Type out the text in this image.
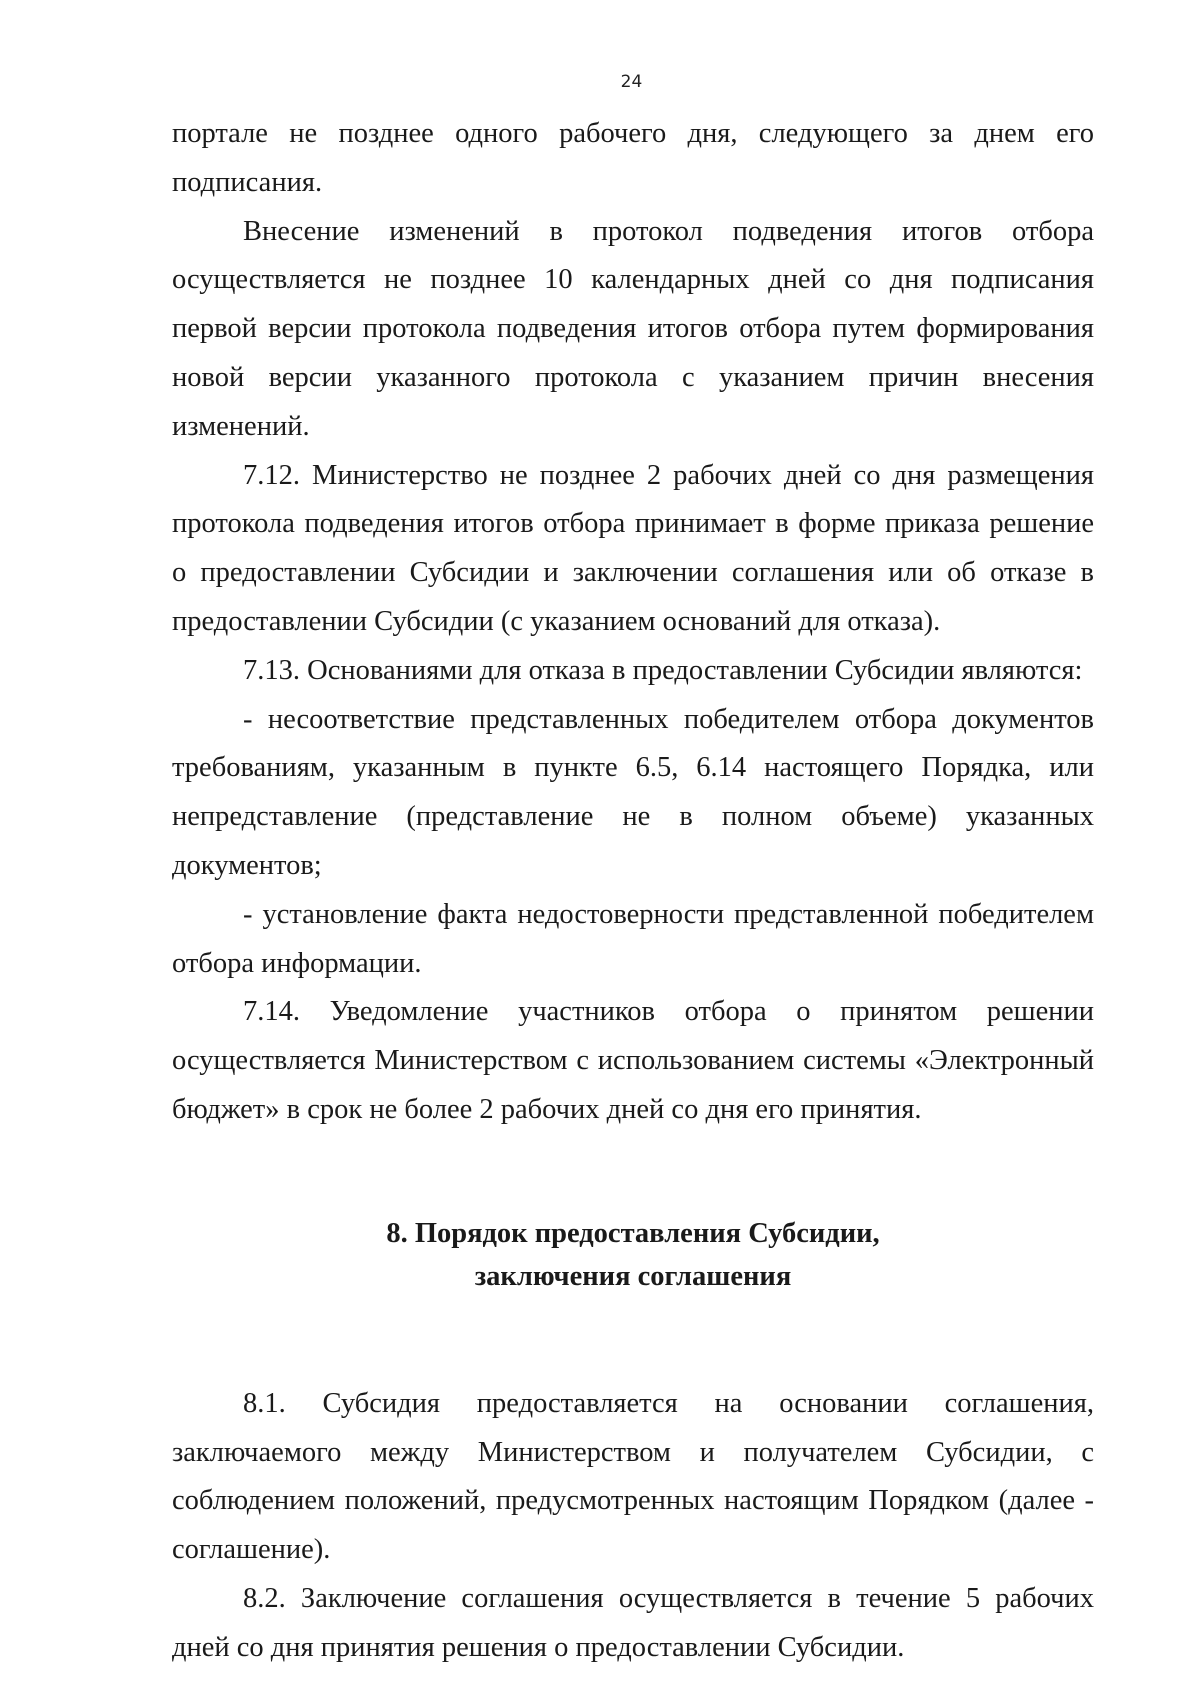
24

порталe не позднее одного рабочего дня, следующего за днем его подписания.

Внесение изменений в протокол подведения итогов отбора осуществляется не позднее 10 календарных дней со дня подписания первой версии протокола подведения итогов отбора путем формирования новой версии указанного протокола с указанием причин внесения изменений.

7.12. Министерство не позднее 2 рабочих дней со дня размещения протокола подведения итогов отбора принимает в форме приказа решение о предоставлении Субсидии и заключении соглашения или об отказе в предоставлении Субсидии (с указанием оснований для отказа).

7.13. Основаниями для отказа в предоставлении Субсидии являются:

- несоответствие представленных победителем отбора документов требованиям, указанным в пункте 6.5, 6.14 настоящего Порядка, или непредставление (представление не в полном объеме) указанных документов;

- установление факта недостоверности представленной победителем отбора информации.

7.14. Уведомление участников отбора о принятом решении осуществляется Министерством с использованием системы «Электронный бюджет» в срок не более 2 рабочих дней со дня его принятия.

8. Порядок предоставления Субсидии,
заключения соглашения

8.1. Субсидия предоставляется на основании соглашения, заключаемого между Министерством и получателем Субсидии, с соблюдением положений, предусмотренных настоящим Порядком (далее - соглашение).

8.2. Заключение соглашения осуществляется в течение 5 рабочих дней со дня принятия решения о предоставлении Субсидии.
